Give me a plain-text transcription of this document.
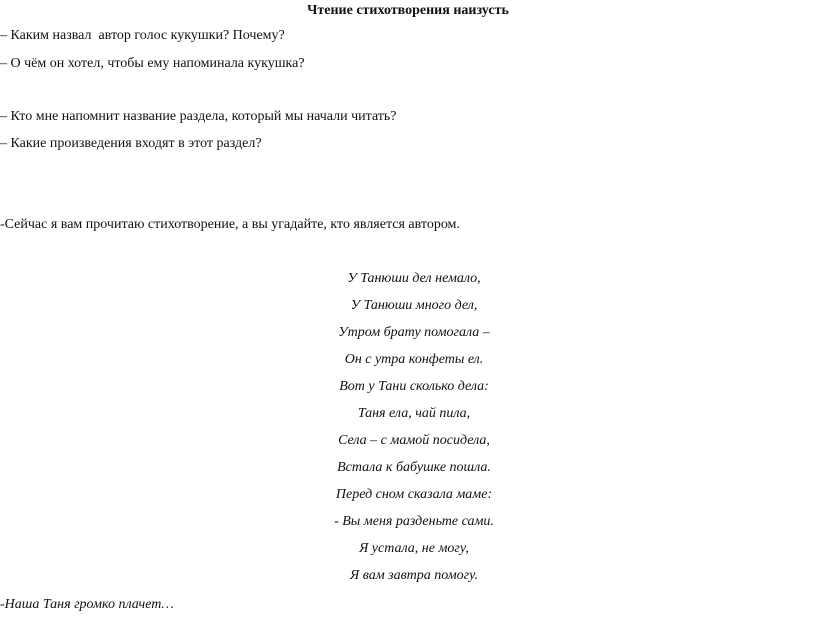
Чтение стихотворения наизусть
– Каким назвал  автор голос кукушки? Почему?
– О чём он хотел, чтобы ему напоминала кукушка?
– Кто мне напомнит название раздела, который мы начали читать?
– Какие произведения входят в этот раздел?
-Сейчас я вам прочитаю стихотворение, а вы угадайте, кто является автором.
У Танюши дел немало,
У Танюши много дел,
Утром брату помогала –
Он с утра конфеты ел.
Вот у Тани сколько дела:
Таня ела, чай пила,
Села – с мамой посидела,
Встала к бабушке пошла.
Перед сном сказала маме:
- Вы меня разденьте сами.
Я устала, не могу,
Я вам завтра помогу.
-Наша Таня громко плачет…
